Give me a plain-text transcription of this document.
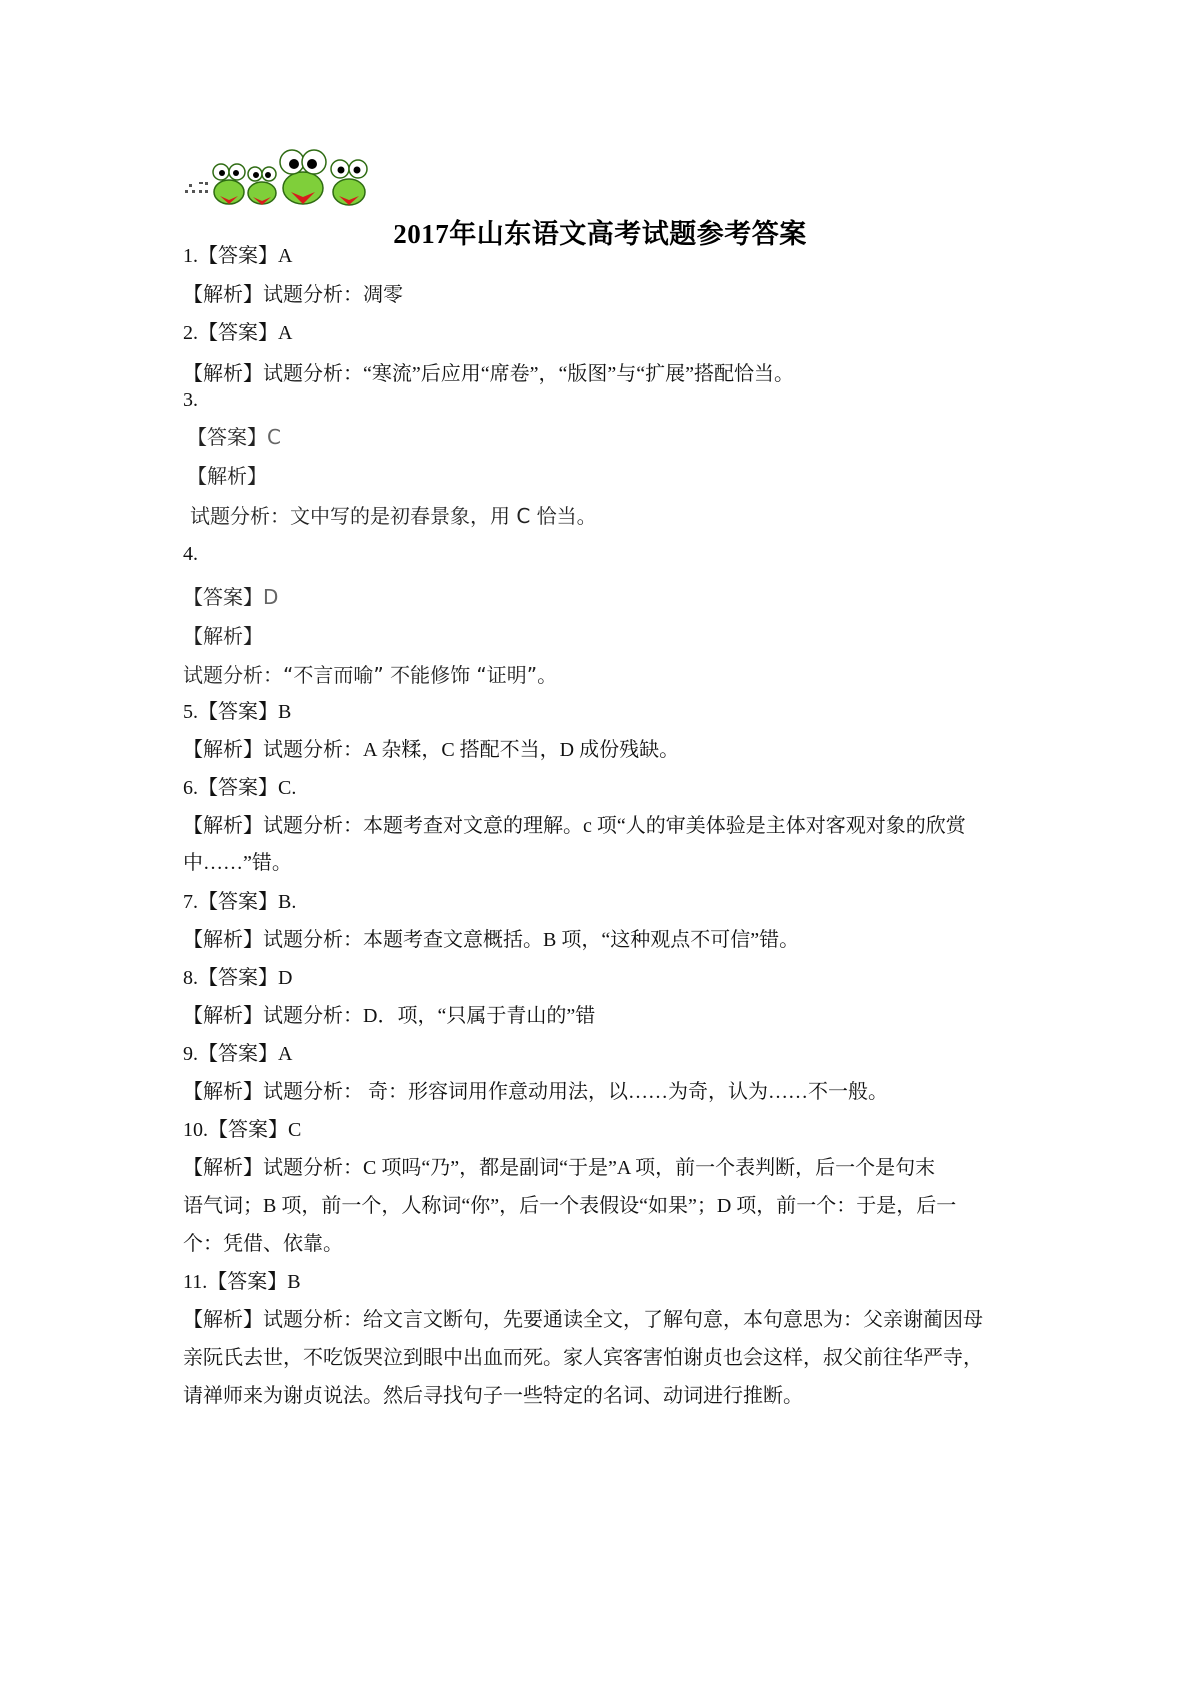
2017年山东语文高考试题参考答案
1.【答案】A
【解析】试题分析：凋零
2.【答案】A
【解析】试题分析：“寒流”后应用“席卷”，“版图”与“扩展”搭配恰当。
3.
【答案】C
【解析】
试题分析：文中写的是初春景象，用 C 恰当。
4.
【答案】D
【解析】
试题分析：“不言而喻” 不能修饰 “证明”。
5.【答案】B
【解析】试题分析：A 杂糅，C 搭配不当，D 成份残缺。
6.【答案】C.
【解析】试题分析：本题考查对文意的理解。c 项“人的审美体验是主体对客观对象的欣赏
中……”错。
7.【答案】B.
【解析】试题分析：本题考查文意概括。B 项，“这种观点不可信”错。
8.【答案】D
【解析】试题分析：D．项，“只属于青山的”错
9.【答案】A
【解析】试题分析： 奇：形容词用作意动用法，以……为奇，认为……不一般。
10.【答案】C
【解析】试题分析：C 项吗“乃”，都是副词“于是”A 项，前一个表判断，后一个是句末
语气词；B 项，前一个，人称词“你”，后一个表假设“如果”；D 项，前一个：于是，后一
个：凭借、依靠。
11.【答案】B
【解析】试题分析：给文言文断句，先要通读全文，了解句意，本句意思为：父亲谢蔺因母
亲阮氏去世，不吃饭哭泣到眼中出血而死。家人宾客害怕谢贞也会这样，叔父前往华严寺，
请禅师来为谢贞说法。然后寻找句子一些特定的名词、动词进行推断。
